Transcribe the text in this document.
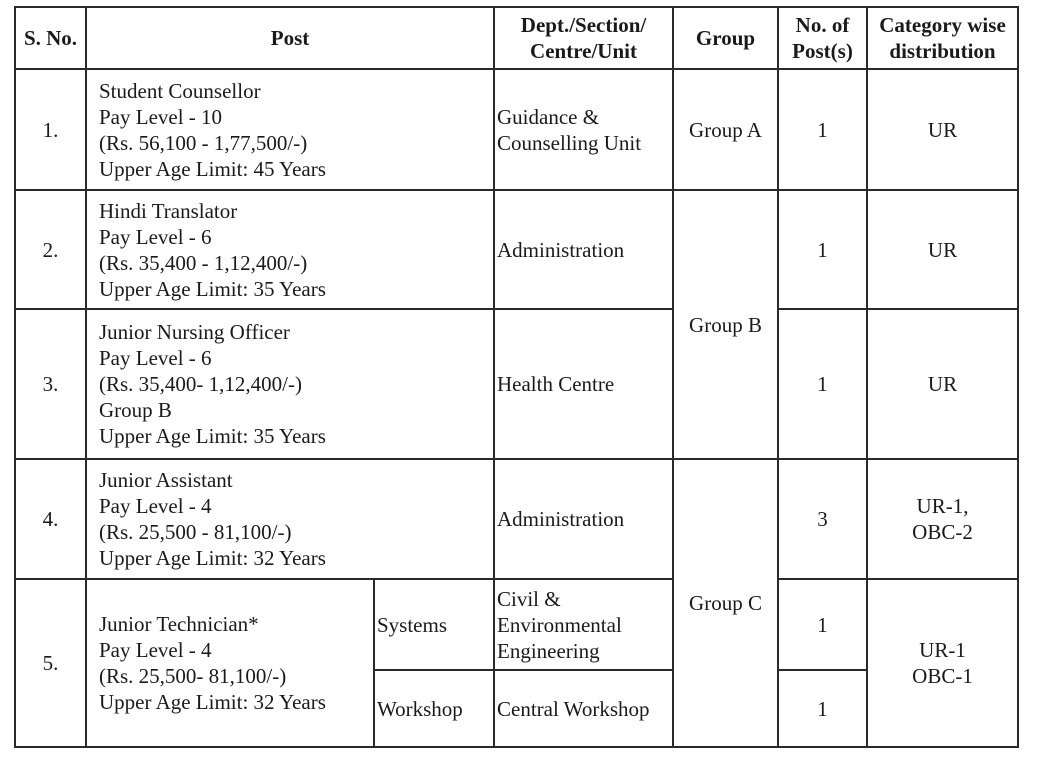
S. No.	Post		Dept./Section/
Centre/Unit	Group	No. of
Post(s)	Category wise
distribution

1.	Student Counsellor
Pay Level - 10
(Rs. 56,100 - 1,77,500/-)
Upper Age Limit: 45 Years		Guidance &
Counselling Unit	Group A	1	UR
2.	Hindi Translator
Pay Level - 6
(Rs. 35,400 - 1,12,400/-)
Upper Age Limit: 35 Years		Administration	Group B	1	UR
3.	Junior Nursing Officer
Pay Level - 6
(Rs. 35,400- 1,12,400/-)
Group B
Upper Age Limit: 35 Years		Health Centre		1	UR
4.	Junior Assistant
Pay Level - 4
(Rs. 25,500 - 81,100/-)
Upper Age Limit: 32 Years		Administration	Group C	3	UR-1,
OBC-2

5.	Junior Technician*
Pay Level - 4
(Rs. 25,500- 81,100/-)
Upper Age Limit: 32 Years	Systems	Civil &
Environmental
Engineering		1	UR-1
OBC-1

		Workshop	Central Workshop		1	
